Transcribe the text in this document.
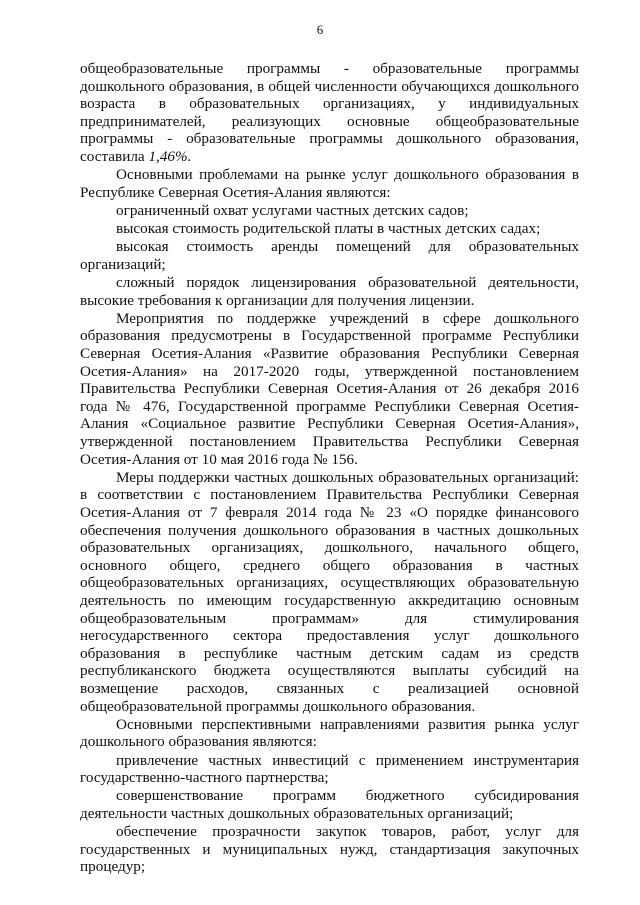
6

общеобразовательные программы - образовательные программы дошкольного образования, в общей численности обучающихся дошкольного возраста в образовательных организациях, у индивидуальных предпринимателей, реализующих основные общеобразовательные программы - образовательные программы дошкольного образования, составила 1,46%.

Основными проблемами на рынке услуг дошкольного образования в Республике Северная Осетия-Алания являются:

ограниченный охват услугами частных детских садов;

высокая стоимость родительской платы в частных детских садах;

высокая стоимость аренды помещений для образовательных организаций;

сложный порядок лицензирования образовательной деятельности, высокие требования к организации для получения лицензии.

Мероприятия по поддержке учреждений в сфере дошкольного образования предусмотрены в Государственной программе Республики Северная Осетия-Алания «Развитие образования Республики Северная Осетия-Алания» на 2017-2020 годы, утвержденной постановлением Правительства Республики Северная Осетия-Алания от 26 декабря 2016 года № 476, Государственной программе Республики Северная Осетия-Алания «Социальное развитие Республики Северная Осетия-Алания», утвержденной постановлением Правительства Республики Северная Осетия-Алания от 10 мая 2016 года № 156.

Меры поддержки частных дошкольных образовательных организаций: в соответствии с постановлением Правительства Республики Северная Осетия-Алания от 7 февраля 2014 года № 23 «О порядке финансового обеспечения получения дошкольного образования в частных дошкольных образовательных организациях, дошкольного, начального общего, основного общего, среднего общего образования в частных общеобразовательных организациях, осуществляющих образовательную деятельность по имеющим государственную аккредитацию основным общеобразовательным программам» для стимулирования негосударственного сектора предоставления услуг дошкольного образования в республике частным детским садам из средств республиканского бюджета осуществляются выплаты субсидий на возмещение расходов, связанных с реализацией основной общеобразовательной программы дошкольного образования.

Основными перспективными направлениями развития рынка услуг дошкольного образования являются:

привлечение частных инвестиций с применением инструментария государственно-частного партнерства;

совершенствование программ бюджетного субсидирования деятельности частных дошкольных образовательных организаций;

обеспечение прозрачности закупок товаров, работ, услуг для государственных и муниципальных нужд, стандартизация закупочных процедур;
